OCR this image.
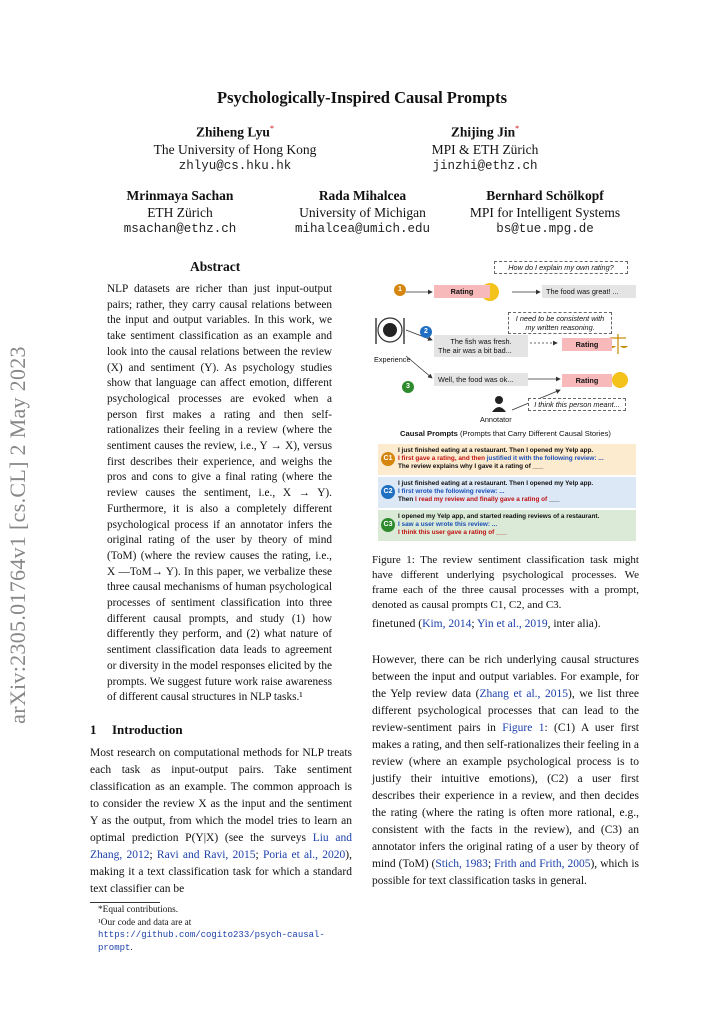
arXiv:2305.01764v1 [cs.CL] 2 May 2023
Psychologically-Inspired Causal Prompts
Zhiheng Lyu*
The University of Hong Kong
zhlyu@cs.hku.hk
Zhijing Jin*
MPI & ETH Zürich
jinzhi@ethz.ch
Mrinmaya Sachan
ETH Zürich
msachan@ethz.ch
Rada Mihalcea
University of Michigan
mihalcea@umich.edu
Bernhard Schölkopf
MPI for Intelligent Systems
bs@tue.mpg.de
Abstract

NLP datasets are richer than just input-output pairs; rather, they carry causal relations between the input and output variables. In this work, we take sentiment classification as an example and look into the causal relations between the review (X) and sentiment (Y). As psychology studies show that language can affect emotion, different psychological processes are evoked when a person first makes a rating and then self-rationalizes their feeling in a review (where the sentiment causes the review, i.e., Y → X), versus first describes their experience, and weighs the pros and cons to give a final rating (where the review causes the sentiment, i.e., X → Y). Furthermore, it is also a completely different psychological process if an annotator infers the original rating of the user by theory of mind (ToM) (where the review causes the rating, i.e., X —ToM→ Y). In this paper, we verbalize these three causal mechanisms of human psychological processes of sentiment classification into three different causal prompts, and study (1) how differently they perform, and (2) what nature of sentiment classification data leads to agreement or diversity in the model responses elicited by the prompts. We suggest future work raise awareness of different causal structures in NLP tasks.¹

1 Introduction

Most research on computational methods for NLP treats each task as input-output pairs. Take sentiment classification as an example. The common approach is to consider the review X as the input and the sentiment Y as the output, from which the model tries to learn an optimal prediction P(Y|X) (see the surveys Liu and Zhang, 2012; Ravi and Ravi, 2015; Poria et al., 2020), making it a text classification task for which a standard text classifier can be

*Equal contributions.
¹Our code and data are at https://github.com/cogito233/psych-causal-prompt.
How do I explain my own rating?
1	Rating	The food was great! ...
I need to be consistent with my written reasoning.
2
The fish was fresh.
The air was a bit bad...
Rating
Experience
3
Well, the food was ok...	Rating
I think this person meant...
Annotator
Causal Prompts (Prompts that Carry Different Causal Stories)
C1
I just finished eating at a restaurant. Then I opened my Yelp app.
I first gave a rating, and then justified it with the following review: ...
The review explains why I gave it a rating of ___
C2
I just finished eating at a restaurant. Then I opened my Yelp app.
I first wrote the following review: ...
Then I read my review and finally gave a rating of ___
C3
I opened my Yelp app, and started reading reviews of a restaurant.
I saw a user wrote this review: ...
I think this user gave a rating of ___
Figure 1: The review sentiment classification task might have different underlying psychological processes. We frame each of the three causal processes with a prompt, denoted as causal prompts C1, C2, and C3.

finetuned (Kim, 2014; Yin et al., 2019, inter alia).

However, there can be rich underlying causal structures between the input and output variables. For example, for the Yelp review data (Zhang et al., 2015), we list three different psychological processes that can lead to the review-sentiment pairs in Figure 1: (C1) A user first makes a rating, and then self-rationalizes their feeling in a review (where an example psychological process is to justify their intuitive emotions), (C2) a user first describes their experience in a review, and then decides the rating (where the rating is often more rational, e.g., consistent with the facts in the review), and (C3) an annotator infers the original rating of a user by theory of mind (ToM) (Stich, 1983; Frith and Frith, 2005), which is possible for text classification tasks in general.
